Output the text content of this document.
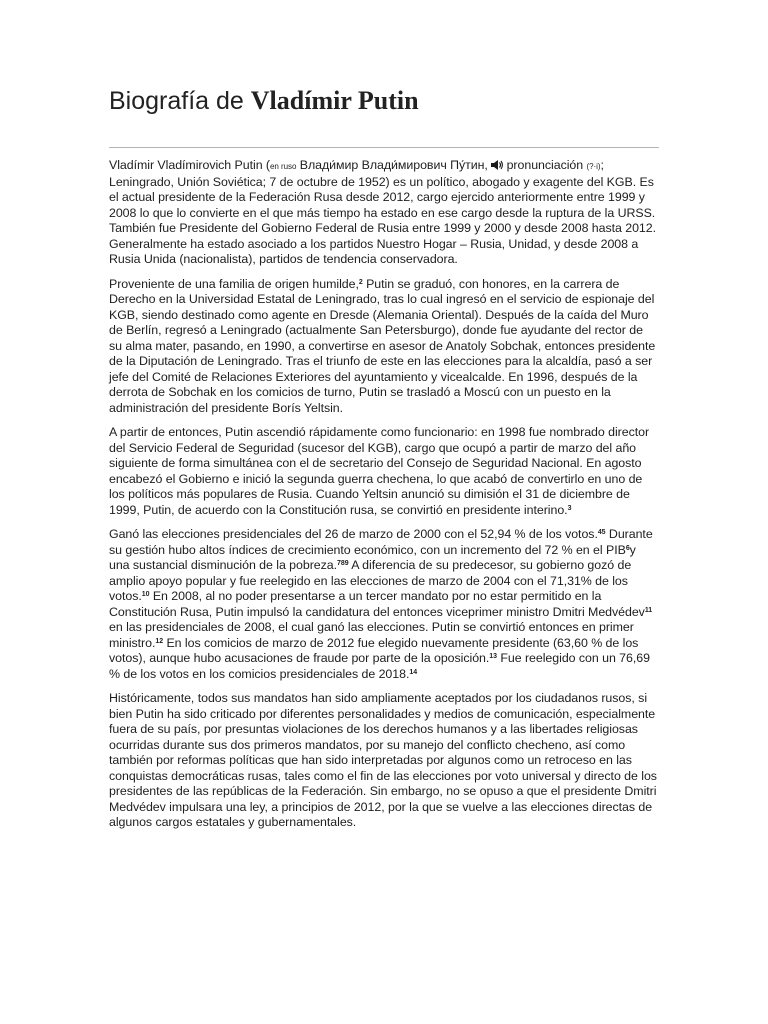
Biografía de Vladímir Putin

Vladímir Vladímirovich Putin (en ruso Влади́мир Влади́мирович Пу́тин,  pronunciación (?·i); Leningrado, Unión Soviética; 7 de octubre de 1952) es un político, abogado y exagente del KGB. Es el actual presidente de la Federación Rusa desde 2012, cargo ejercido anteriormente entre 1999 y 2008 lo que lo convierte en el que más tiempo ha estado en ese cargo desde la ruptura de la URSS. También fue Presidente del Gobierno Federal de Rusia entre 1999 y 2000 y desde 2008 hasta 2012. Generalmente ha estado asociado a los partidos Nuestro Hogar – Rusia, Unidad, y desde 2008 a Rusia Unida (nacionalista), partidos de tendencia conservadora.

Proveniente de una familia de origen humilde,$^2$ Putin se graduó, con honores, en la carrera de Derecho en la Universidad Estatal de Leningrado, tras lo cual ingresó en el servicio de espionaje del KGB, siendo destinado como agente en Dresde (Alemania Oriental). Después de la caída del Muro de Berlín, regresó a Leningrado (actualmente San Petersburgo), donde fue ayudante del rector de su alma mater, pasando, en 1990, a convertirse en asesor de Anatoly Sobchak, entonces presidente de la Diputación de Leningrado. Tras el triunfo de este en las elecciones para la alcaldía, pasó a ser jefe del Comité de Relaciones Exteriores del ayuntamiento y vicealcalde. En 1996, después de la derrota de Sobchak en los comicios de turno, Putin se trasladó a Moscú con un puesto en la administración del presidente Borís Yeltsin.

A partir de entonces, Putin ascendió rápidamente como funcionario: en 1998 fue nombrado director del Servicio Federal de Seguridad (sucesor del KGB), cargo que ocupó a partir de marzo del año siguiente de forma simultánea con el de secretario del Consejo de Seguridad Nacional. En agosto encabezó el Gobierno e inició la segunda guerra chechena, lo que acabó de convertirlo en uno de los políticos más populares de Rusia. Cuando Yeltsin anunció su dimisión el 31 de diciembre de 1999, Putin, de acuerdo con la Constitución rusa, se convirtió en presidente interino.$^3$

Ganó las elecciones presidenciales del 26 de marzo de 2000 con el 52,94 % de los votos.$^{45}$ Durante su gestión hubo altos índices de crecimiento económico, con un incremento del 72 % en el PIB$^6$y una sustancial disminución de la pobreza.$^{789}$ A diferencia de su predecesor, su gobierno gozó de amplio apoyo popular y fue reelegido en las elecciones de marzo de 2004 con el 71,31% de los votos.$^{10}$ En 2008, al no poder presentarse a un tercer mandato por no estar permitido en la Constitución Rusa, Putin impulsó la candidatura del entonces viceprimer ministro Dmitri Medvédev$^{11}$ en las presidenciales de 2008, el cual ganó las elecciones. Putin se convirtió entonces en primer ministro.$^{12}$ En los comicios de marzo de 2012 fue elegido nuevamente presidente (63,60 % de los votos), aunque hubo acusaciones de fraude por parte de la oposición.$^{13}$ Fue reelegido con un 76,69 % de los votos en los comicios presidenciales de 2018.14

Históricamente, todos sus mandatos han sido ampliamente aceptados por los ciudadanos rusos, si bien Putin ha sido criticado por diferentes personalidades y medios de comunicación, especialmente fuera de su país, por presuntas violaciones de los derechos humanos y a las libertades religiosas ocurridas durante sus dos primeros mandatos, por su manejo del conflicto checheno, así como también por reformas políticas que han sido interpretadas por algunos como un retroceso en las conquistas democráticas rusas, tales como el fin de las elecciones por voto universal y directo de los presidentes de las repúblicas de la Federación. Sin embargo, no se opuso a que el presidente Dmitri Medvédev impulsara una ley, a principios de 2012, por la que se vuelve a las elecciones directas de algunos cargos estatales y gubernamentales.
